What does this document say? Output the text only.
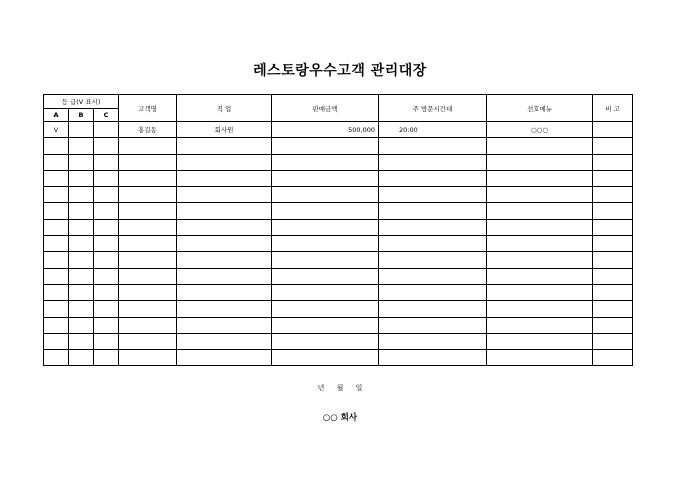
레스토랑우수고객 관리대장
등 급(V 표시)			고객명	직 업	판매금액	주 방문시간대	선호메뉴	비 고
A	B	C						
V			홍길동	회사원	500,000	20:00	○○○	

년 월 일
○○ 회사
